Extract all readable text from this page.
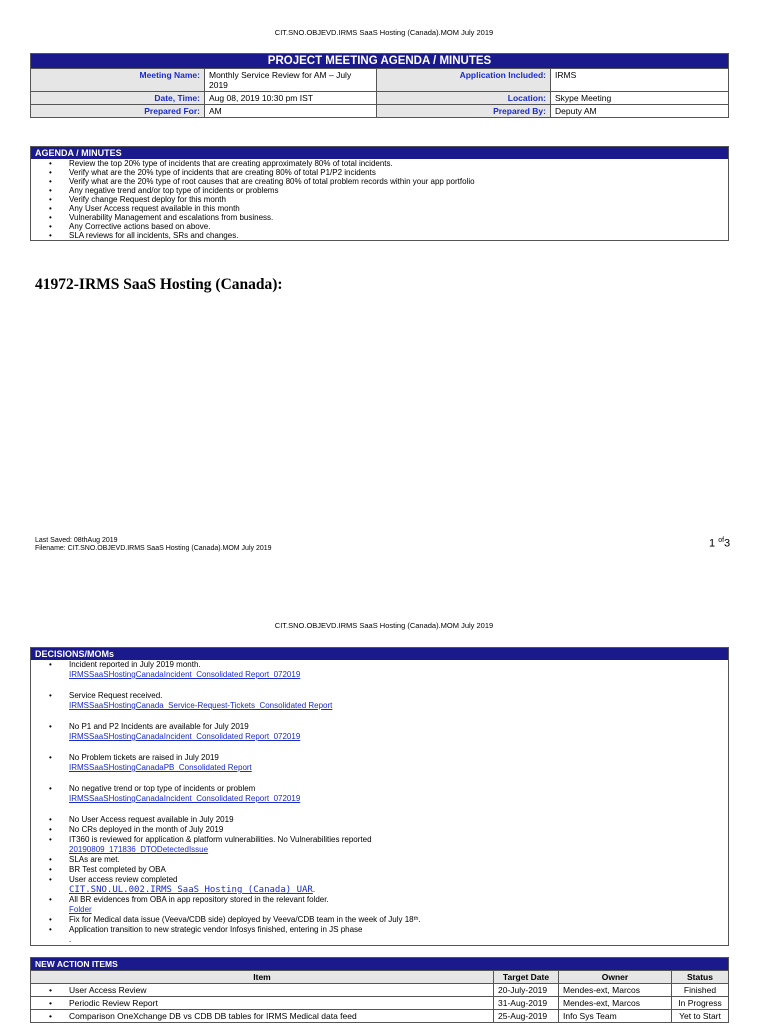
CIT.SNO.OBJEVD.IRMS SaaS Hosting (Canada).MOM July 2019
PROJECT MEETING AGENDA / MINUTES			
Meeting Name:	Monthly Service Review for AM – July 2019	Application Included:	IRMS
Date, Time:	Aug 08, 2019 10:30 pm IST	Location:	Skype Meeting
Prepared For:	AM	Prepared By:	Deputy AM
AGENDA / MINUTES
• Review the top 20% type of incidents that are creating approximately 80% of total incidents.
• Verify what are the 20% type of incidents that are creating 80% of total P1/P2 incidents
• Verify what are the 20% type of root causes that are creating 80% of total problem records within your app portfolio
• Any negative trend and/or top type of incidents or problems
• Verify change Request deploy for this month
• Any User Access request available in this month
• Vulnerability Management and escalations from business.
• Any Corrective actions based on above.
• SLA reviews for all incidents, SRs and changes.
41972-IRMS SaaS Hosting (Canada):
Last Saved: 08thAug 2019
Filename: CIT.SNO.OBJEVD.IRMS SaaS Hosting (Canada).MOM July 2019	1 $^{of}$3
CIT.SNO.OBJEVD.IRMS SaaS Hosting (Canada).MOM July 2019
DECISIONS/MOMs
• Incident reported in July 2019 month.
IRMSSaaSHostingCanadaIncident_Consolidated Report_072019
• Service Request received.
IRMSSaaSHostingCanada_Service-Request-Tickets_Consolidated Report
• No P1 and P2 Incidents are available for July 2019
IRMSSaaSHostingCanadaIncident_Consolidated Report_072019
• No Problem tickets are raised in July 2019
IRMSSaaSHostingCanadaPB_Consolidated Report
• No negative trend or top type of incidents or problem
IRMSSaaSHostingCanadaIncident_Consolidated Report_072019
• No User Access request available in July 2019
• No CRs deployed in the month of July 2019
• IT360 is reviewed for application & platform vulnerabilities. No Vulnerabilities reported
20190809_171836_DTODetectedIssue
• SLAs are met.
• BR Test completed by OBA
• User access review completed
CIT.SNO.UL.002.IRMS SaaS Hosting (Canada) UAR.
• All BR evidences from OBA in app repository stored in the relevant folder.
Folder
• Fix for Medical data issue (Veeva/CDB side) deployed by Veeva/CDB team in the week of July 18ᵗʰ.
• Application transition to new strategic vendor Infosys finished, entering in JS phase
.
NEW ACTION ITEMS			
Item	Target Date	Owner	Status
• User Access Review	20-July-2019	Mendes-ext, Marcos	Finished
• Periodic Review Report	31-Aug-2019	Mendes-ext, Marcos	In Progress
• Comparison OneXchange DB vs CDB DB tables for IRMS Medical data feed	25-Aug-2019	Info Sys Team	Yet to Start
